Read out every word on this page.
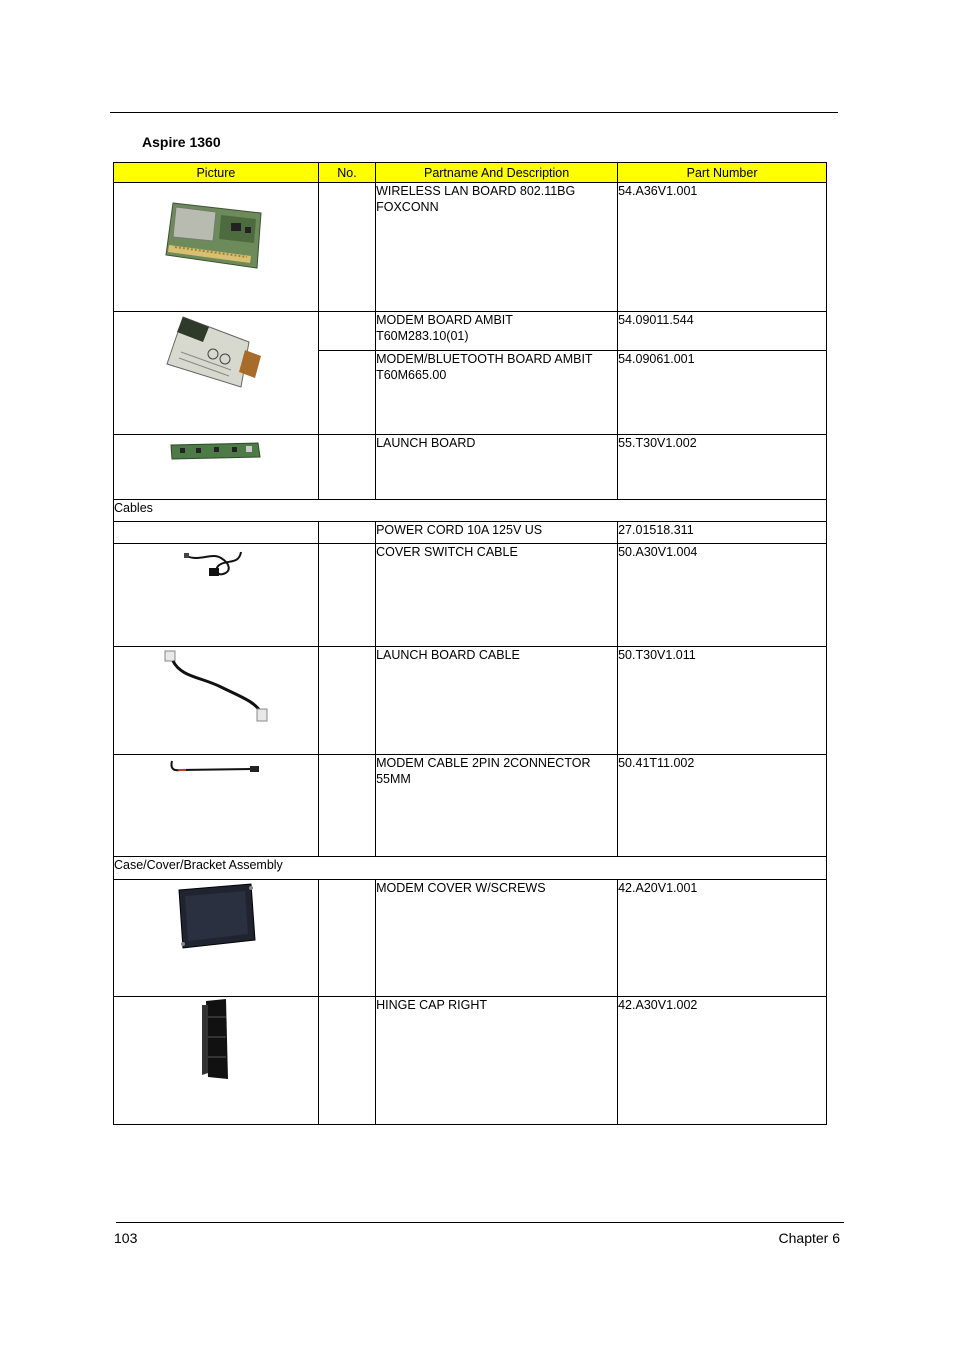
Aspire 1360
Picture	No.	Partname And Description	Part Number

		WIRELESS LAN BOARD 802.11BG
FOXCONN	54.A36V1.001

		MODEM BOARD AMBIT
T60M283.10(01)	54.09011.544
		MODEM/BLUETOOTH BOARD AMBIT
T60M665.00	54.09061.001

		LAUNCH BOARD	55.T30V1.002
Cables			
		POWER CORD 10A 125V US	27.01518.311

		COVER SWITCH CABLE	50.A30V1.004

		LAUNCH BOARD CABLE	50.T30V1.011

		MODEM CABLE 2PIN 2CONNECTOR
55MM	50.41T11.002
Case/Cover/Bracket Assembly			

		MODEM COVER W/SCREWS	42.A20V1.001

		HINGE CAP RIGHT	42.A30V1.002
103	Chapter 6
